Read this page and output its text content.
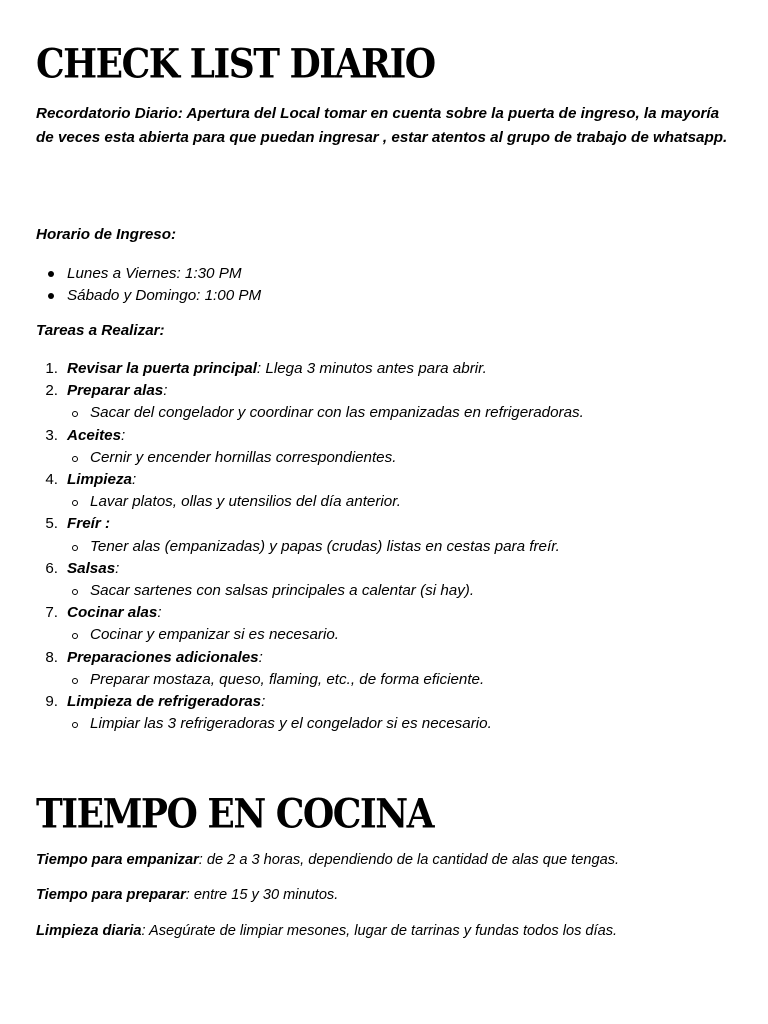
CHECK LIST DIARIO
Recordatorio Diario: Apertura del Local tomar en cuenta sobre la puerta de ingreso, la mayoría de veces esta abierta para que puedan ingresar , estar atentos al grupo de trabajo de whatsapp.
Horario de Ingreso:
Lunes a Viernes: 1:30 PM
Sábado y Domingo: 1:00 PM
Tareas a Realizar:
1. Revisar la puerta principal: Llega 3 minutos antes para abrir.
2. Preparar alas:
Sacar del congelador y coordinar con las empanizadas en refrigeradoras.
3. Aceites:
Cernir y encender hornillas correspondientes.
4. Limpieza:
Lavar platos, ollas y utensilios del día anterior.
5. Freír :
Tener alas (empanizadas) y papas (crudas) listas en cestas para freír.
6. Salsas:
Sacar sartenes con salsas principales a calentar (si hay).
7. Cocinar alas:
Cocinar y empanizar si es necesario.
8. Preparaciones adicionales:
Preparar mostaza, queso, flaming, etc., de forma eficiente.
9. Limpieza de refrigeradoras:
Limpiar las 3 refrigeradoras y el congelador si es necesario.
TIEMPO EN COCINA
Tiempo para empanizar: de 2 a 3 horas, dependiendo de la cantidad de alas que tengas.
Tiempo para preparar: entre 15 y 30 minutos.
Limpieza diaria: Asegúrate de limpiar mesones, lugar de tarrinas y fundas todos los días.
